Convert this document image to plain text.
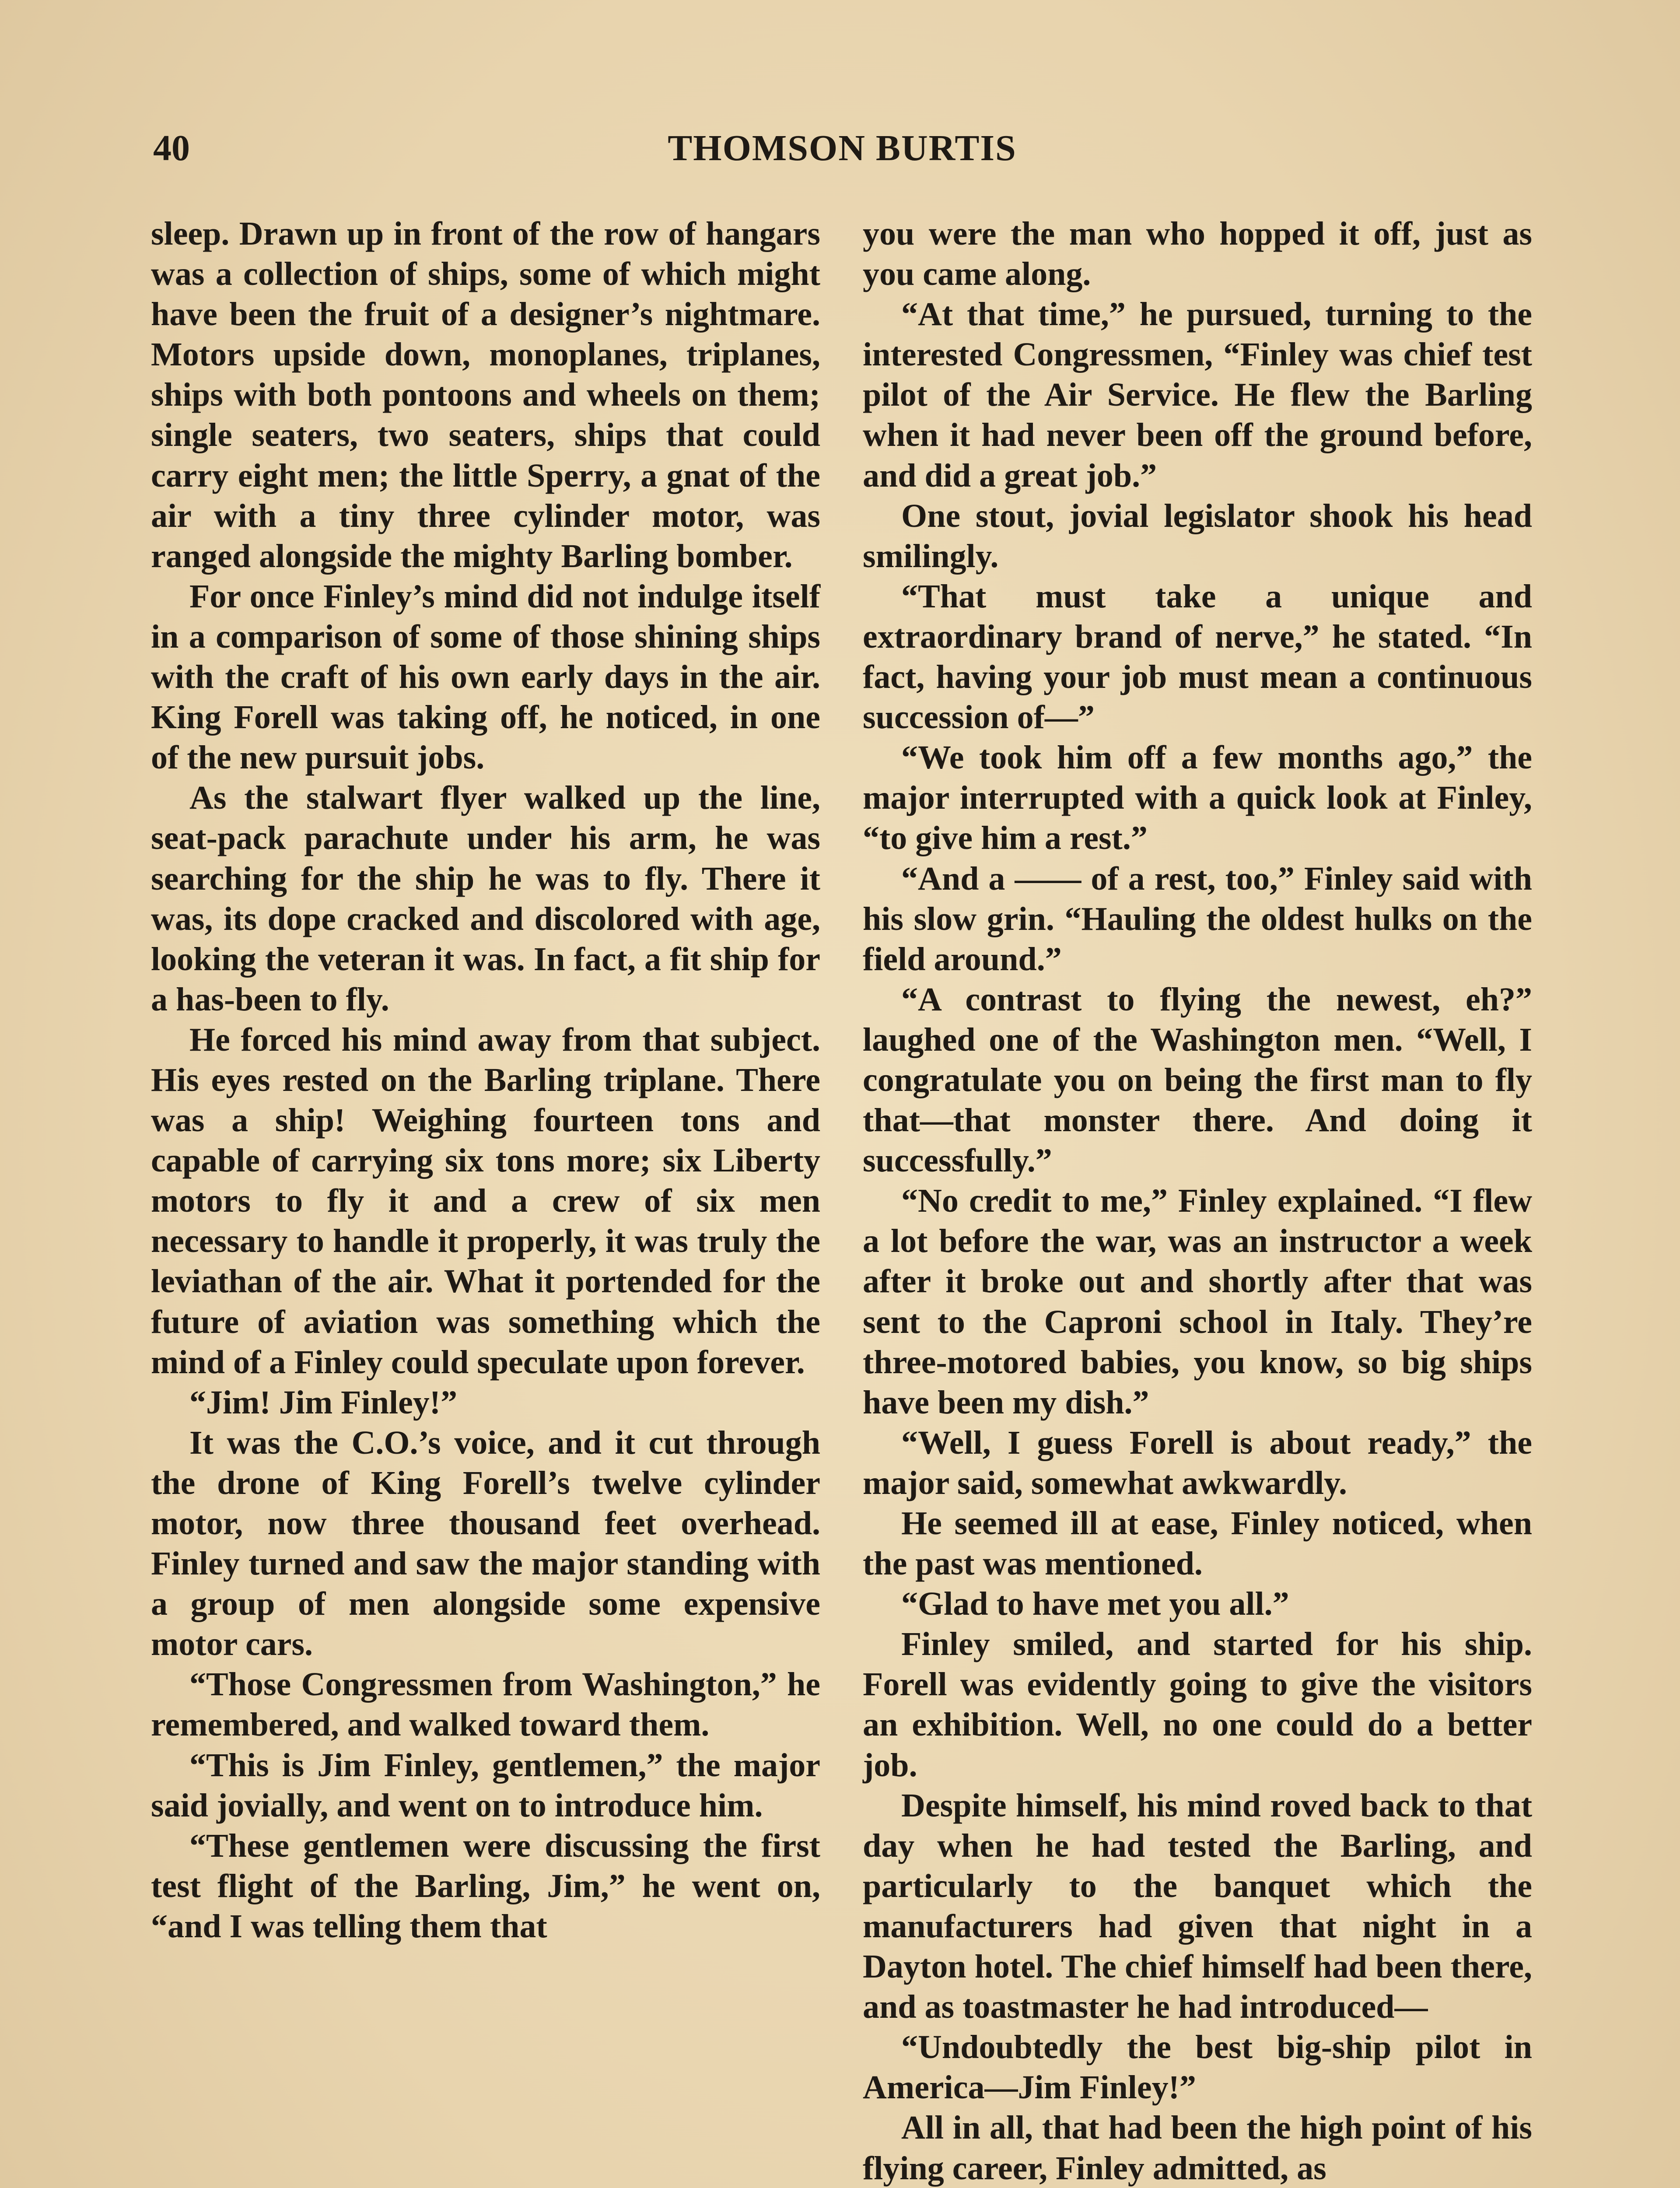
40	THOMSON BURTIS

sleep. Drawn up in front of the row of hangars was a collection of ships, some of which might have been the fruit of a designer’s nightmare. Motors upside down, monoplanes, triplanes, ships with both pontoons and wheels on them; single seaters, two seaters, ships that could carry eight men; the little Sperry, a gnat of the air with a tiny three cylinder motor, was ranged alongside the mighty Barling bomber.

For once Finley’s mind did not indulge itself in a comparison of some of those shining ships with the craft of his own early days in the air. King Forell was taking off, he noticed, in one of the new pursuit jobs.

As the stalwart flyer walked up the line, seat-pack parachute under his arm, he was searching for the ship he was to fly. There it was, its dope cracked and discolored with age, looking the veteran it was. In fact, a fit ship for a has-been to fly.

He forced his mind away from that subject. His eyes rested on the Barling triplane. There was a ship! Weighing fourteen tons and capable of carrying six tons more; six Liberty motors to fly it and a crew of six men necessary to handle it properly, it was truly the leviathan of the air. What it portended for the future of aviation was something which the mind of a Finley could speculate upon forever.

“Jim! Jim Finley!”

It was the C.O.’s voice, and it cut through the drone of King Forell’s twelve cylinder motor, now three thousand feet overhead. Finley turned and saw the major standing with a group of men alongside some expensive motor cars.

“Those Congressmen from Washington,” he remembered, and walked toward them.

“This is Jim Finley, gentlemen,” the major said jovially, and went on to introduce him.

“These gentlemen were discussing the first test flight of the Barling, Jim,” he went on, “and I was telling them that

you were the man who hopped it off, just as you came along.

“At that time,” he pursued, turning to the interested Congressmen, “Finley was chief test pilot of the Air Service. He flew the Barling when it had never been off the ground before, and did a great job.”

One stout, jovial legislator shook his head smilingly.

“That must take a unique and extraordinary brand of nerve,” he stated. “In fact, having your job must mean a continuous succession of—”

“We took him off a few months ago,” the major interrupted with a quick look at Finley, “to give him a rest.”

“And a —— of a rest, too,” Finley said with his slow grin. “Hauling the oldest hulks on the field around.”

“A contrast to flying the newest, eh?” laughed one of the Washington men. “Well, I congratulate you on being the first man to fly that—that monster there. And doing it successfully.”

“No credit to me,” Finley explained. “I flew a lot before the war, was an instructor a week after it broke out and shortly after that was sent to the Caproni school in Italy. They’re three-motored babies, you know, so big ships have been my dish.”

“Well, I guess Forell is about ready,” the major said, somewhat awkwardly.

He seemed ill at ease, Finley noticed, when the past was mentioned.

“Glad to have met you all.”

Finley smiled, and started for his ship. Forell was evidently going to give the visitors an exhibition. Well, no one could do a better job.

Despite himself, his mind roved back to that day when he had tested the Barling, and particularly to the banquet which the manufacturers had given that night in a Dayton hotel. The chief himself had been there, and as toastmaster he had introduced—

“Undoubtedly the best big-ship pilot in America—Jim Finley!”

All in all, that had been the high point of his flying career, Finley admitted, as
